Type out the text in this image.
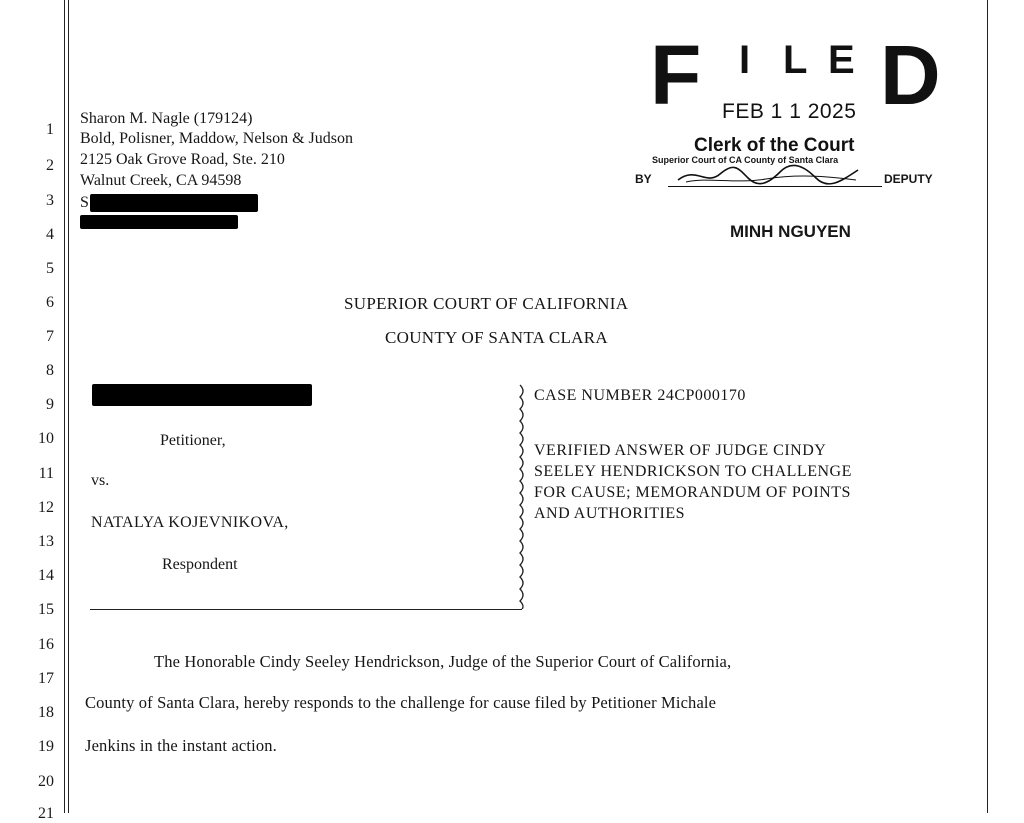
1
2
3
4
5
6
7
8
9
10
11
12
13
14
15
16
17
18
19
20
21
Sharon M. Nagle (179124)
Bold, Polisner, Maddow, Nelson & Judson
2125 Oak Grove Road, Ste. 210
Walnut Creek, CA 94598
S
F I L E D
FEB 1 1 2025
Clerk of the Court
Superior Court of CA County of Santa Clara
BY	DEPUTY
MINH NGUYEN
SUPERIOR COURT OF CALIFORNIA
COUNTY OF SANTA CLARA
Petitioner,
vs.
NATALYA KOJEVNIKOVA,
Respondent
CASE NUMBER 24CP000170
VERIFIED ANSWER OF JUDGE CINDY
SEELEY HENDRICKSON TO CHALLENGE
FOR CAUSE; MEMORANDUM OF POINTS
AND AUTHORITIES
The Honorable Cindy Seeley Hendrickson, Judge of the Superior Court of California,
County of Santa Clara, hereby responds to the challenge for cause filed by Petitioner Michale
Jenkins in the instant action.
